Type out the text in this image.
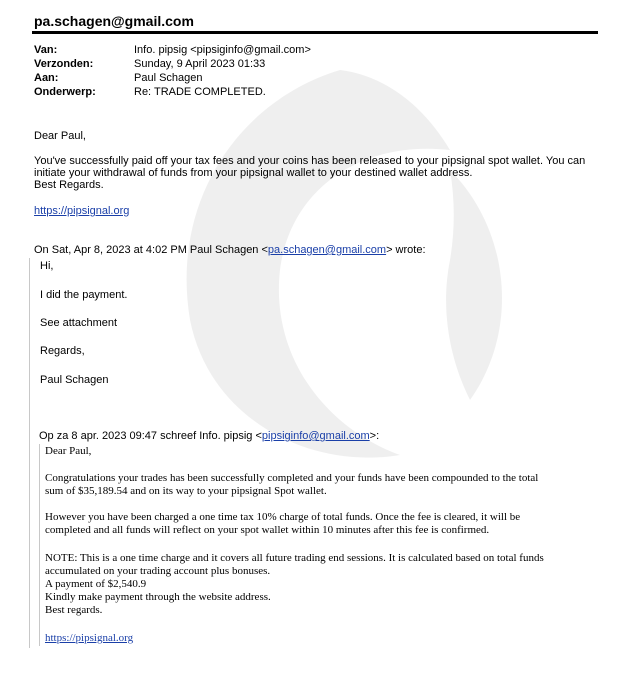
pa.schagen@gmail.com
Van:	Info. pipsig <pipsiginfo@gmail.com>
Verzonden:	Sunday, 9 April 2023 01:33
Aan:	Paul Schagen
Onderwerp:	Re: TRADE COMPLETED.
Dear Paul,
You've successfully paid off your tax fees and your coins has been released to your pipsignal spot wallet. You can
initiate your withdrawal of funds from your pipsignal wallet to your destined wallet address.
Best Regards.
https://pipsignal.org
On Sat, Apr 8, 2023 at 4:02 PM Paul Schagen <pa.schagen@gmail.com> wrote:
Hi,
I did the payment.
See attachment
Regards,
Paul Schagen
Op za 8 apr. 2023 09:47 schreef Info. pipsig <pipsiginfo@gmail.com>:
Dear Paul,
Congratulations your trades has been successfully completed and your funds have been compounded to the total
sum of $35,189.54 and on its way to your pipsignal Spot wallet.
However you have been charged a one time tax 10% charge of total funds. Once the fee is cleared, it will be
completed and all funds will reflect on your spot wallet within 10 minutes after this fee is confirmed.
NOTE: This is a one time charge and it covers all future trading end sessions. It is calculated based on total funds
accumulated on your trading account plus bonuses.
A payment of $2,540.9
Kindly make payment through the website address.
Best regards.
https://pipsignal.org
